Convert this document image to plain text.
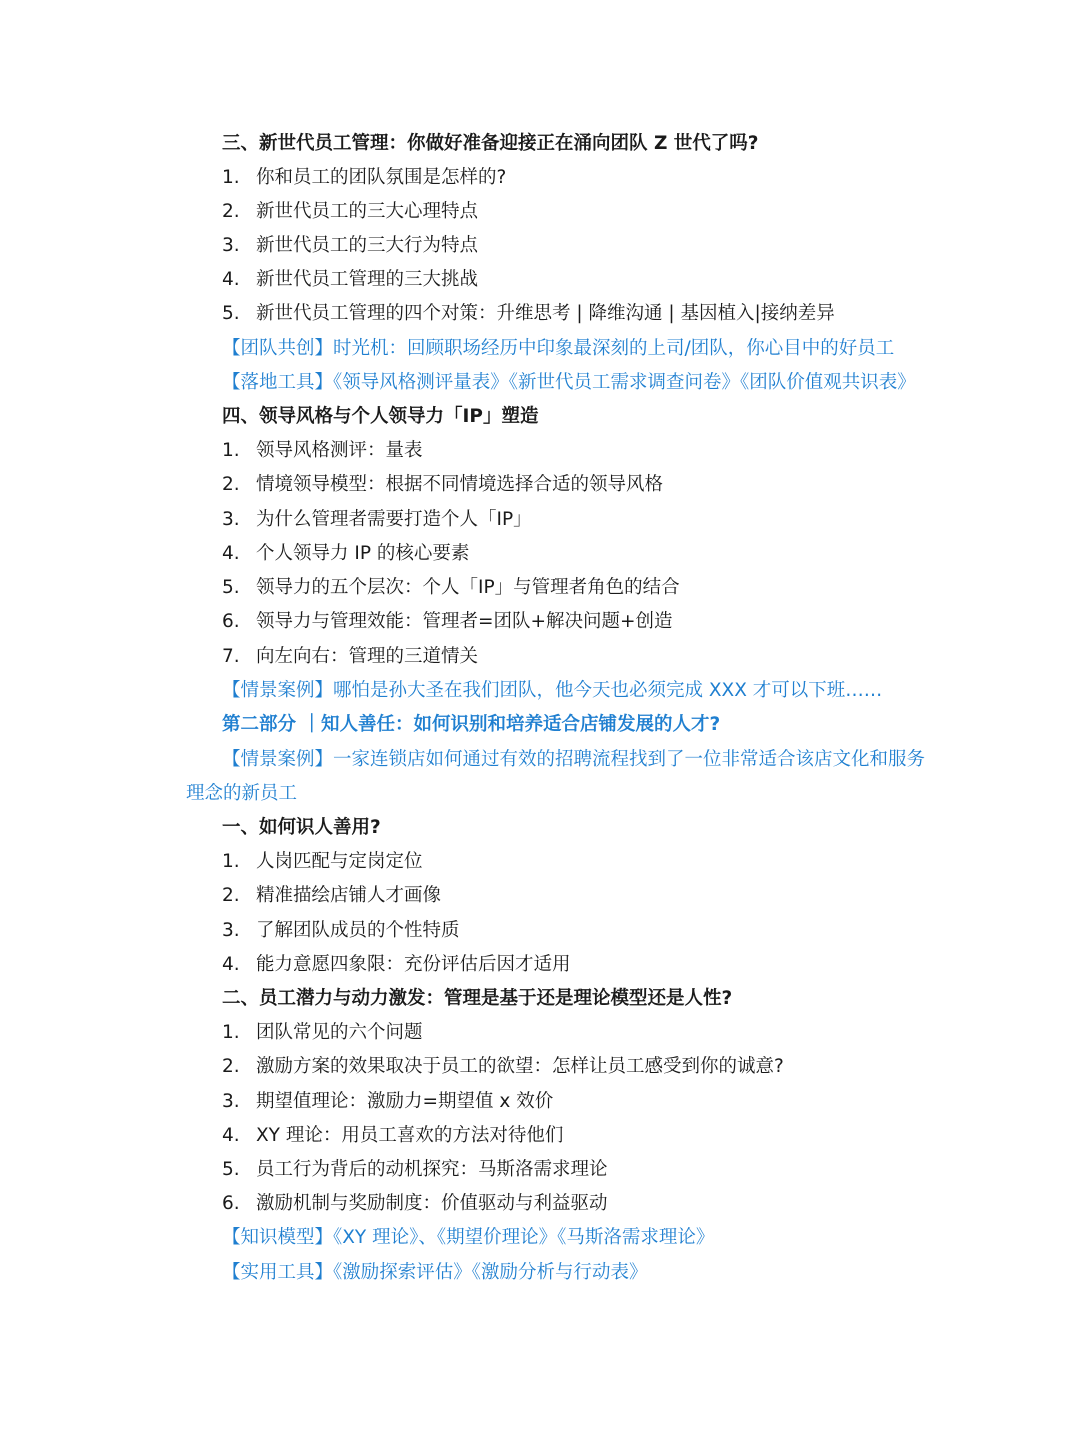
三、新世代员工管理：你做好准备迎接正在涌向团队 Z 世代了吗?
1. 你和员工的团队氛围是怎样的?
2. 新世代员工的三大心理特点
3. 新世代员工的三大行为特点
4. 新世代员工管理的三大挑战
5. 新世代员工管理的四个对策：升维思考 | 降维沟通 | 基因植入|接纳差异
【团队共创】时光机：回顾职场经历中印象最深刻的上司/团队，你心目中的好员工
【落地工具】《领导风格测评量表》《新世代员工需求调查问卷》《团队价值观共识表》
四、领导风格与个人领导力「IP」塑造
1. 领导风格测评：量表
2. 情境领导模型：根据不同情境选择合适的领导风格
3. 为什么管理者需要打造个人「IP」
4. 个人领导力 IP 的核心要素
5. 领导力的五个层次：个人「IP」与管理者角色的结合
6. 领导力与管理效能：管理者=团队+解决问题+创造
7. 向左向右：管理的三道情关
【情景案例】哪怕是孙大圣在我们团队，他今天也必须完成 XXX 才可以下班……
第二部分 ｜知人善任：如何识别和培养适合店铺发展的人才?
【情景案例】一家连锁店如何通过有效的招聘流程找到了一位非常适合该店文化和服务
理念的新员工
一、如何识人善用?
1. 人岗匹配与定岗定位
2. 精准描绘店铺人才画像
3. 了解团队成员的个性特质
4. 能力意愿四象限：充份评估后因才适用
二、员工潜力与动力激发：管理是基于还是理论模型还是人性?
1. 团队常见的六个问题
2. 激励方案的效果取决于员工的欲望：怎样让员工感受到你的诚意?
3. 期望值理论：激励力=期望值 x 效价
4. XY 理论：用员工喜欢的方法对待他们
5. 员工行为背后的动机探究：马斯洛需求理论
6. 激励机制与奖励制度：价值驱动与利益驱动
【知识模型】《XY 理论》、《期望价理论》《马斯洛需求理论》
【实用工具】《激励探索评估》《激励分析与行动表》
